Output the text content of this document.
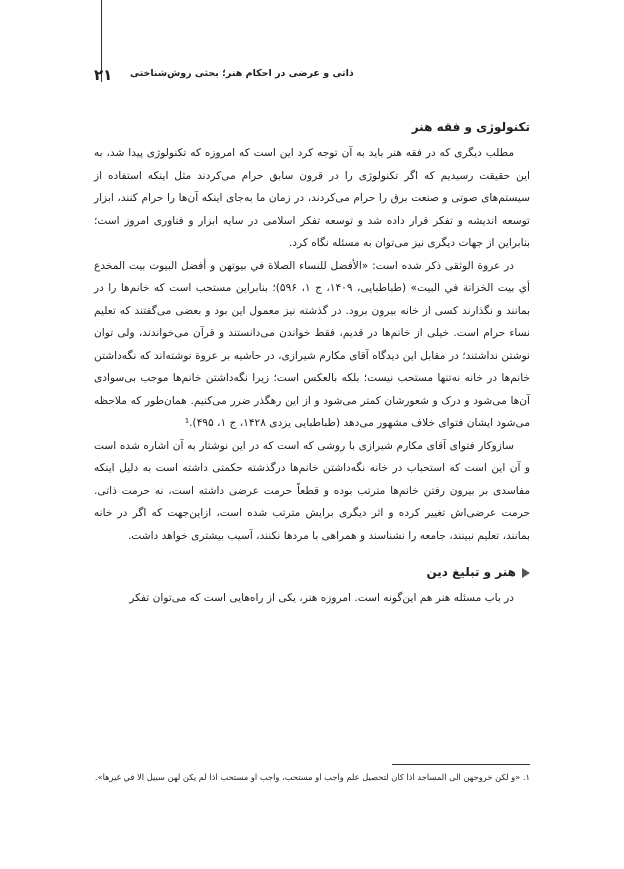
۲۱ ذاتی و عرضی در احکام هنر؛ بحثی روش‌شناختی
تکنولوژی و فقه هنر

مطلب دیگری که در فقه هنر باید به آن توجه کرد این است که امروزه که تکنولوژی پیدا شد، به این حقیقت رسیدیم که اگر تکنولوژی را در قرون سابق حرام می‌کردند مثل اینکه استفاده از سیستم‌های صوتی و صنعت برق را حرام می‌کردند، در زمان ما به‌جای اینکه آن‌ها را حرام کنند، ابزار توسعه اندیشه و تفکر قرار داده شد و توسعه تفکر اسلامی در سایه ابزار و فناوری امروز است؛ بنابراین از جهات دیگری نیز می‌توان به مسئله نگاه کرد.

در عروة الوثقی ذکر شده است: «الأفضل للنساء الصلاة في بيوتهن و أفضل البيوت بيت المخدع أي بيت الخزانة في البيت» (طباطبایی، ۱۴۰۹، ج ۱، ۵۹۶)؛ بنابراین مستحب است که خانم‌ها را در بمانند و نگذارند کسی از خانه بیرون برود. در گذشته نیز معمول این بود و بعضی می‌گفتند که تعلیم نساء حرام است. خیلی از خانم‌ها در قدیم، فقط خواندن می‌دانستند و قرآن می‌خواندند، ولی توان نوشتن نداشتند؛ در مقابل این دیدگاه آقای مکارم شیرازی، در حاشیه بر عروة نوشته‌اند که نگه‌داشتن خانم‌ها در خانه نه‌تنها مستحب نیست؛ بلکه بالعکس است؛ زیرا نگه‌داشتن خانم‌ها موجب بی‌سوادی آن‌ها می‌شود و درک و شعورشان کمتر می‌شود و از این رهگذر ضرر می‌کنیم. همان‌طور که ملاحظه می‌شود ایشان فتوای خلاف مشهور می‌دهد (طباطبایی یزدی ۱۴۲۸، ج ۱، ۴۹۵).¹

سازوکار فتوای آقای مکارم شیرازی با روشی که است که در این نوشتار به آن اشاره شده است و آن این است که استحباب در خانه نگه‌داشتن خانم‌ها درگذشته حکمتی داشته است به دلیل اینکه مفاسدی بر بیرون رفتن خانم‌ها مترتب بوده و قطعاً حرمت عرضی داشته است، نه حرمت ذاتی. حرمت عرضی‌اش تغییر کرده و اثر دیگری برایش مترتب شده است، ازاین‌جهت که اگر در خانه بمانند، تعلیم نبینند، جامعه را نشناسند و همراهی با مردها نکنند، آسیب بیشتری خواهد داشت.

هنر و تبلیغ دین

در باب مسئله هنر هم این‌گونه است. امروزه هنر، یکی از راه‌هایی است که می‌توان تفکر

۱. «و لكن خروجهن الى المساجد اذا كان لتحصيل علم واجب او مستحب، واجب او مستحب اذا لم يكن لهن سبيل الا في غيرها».
